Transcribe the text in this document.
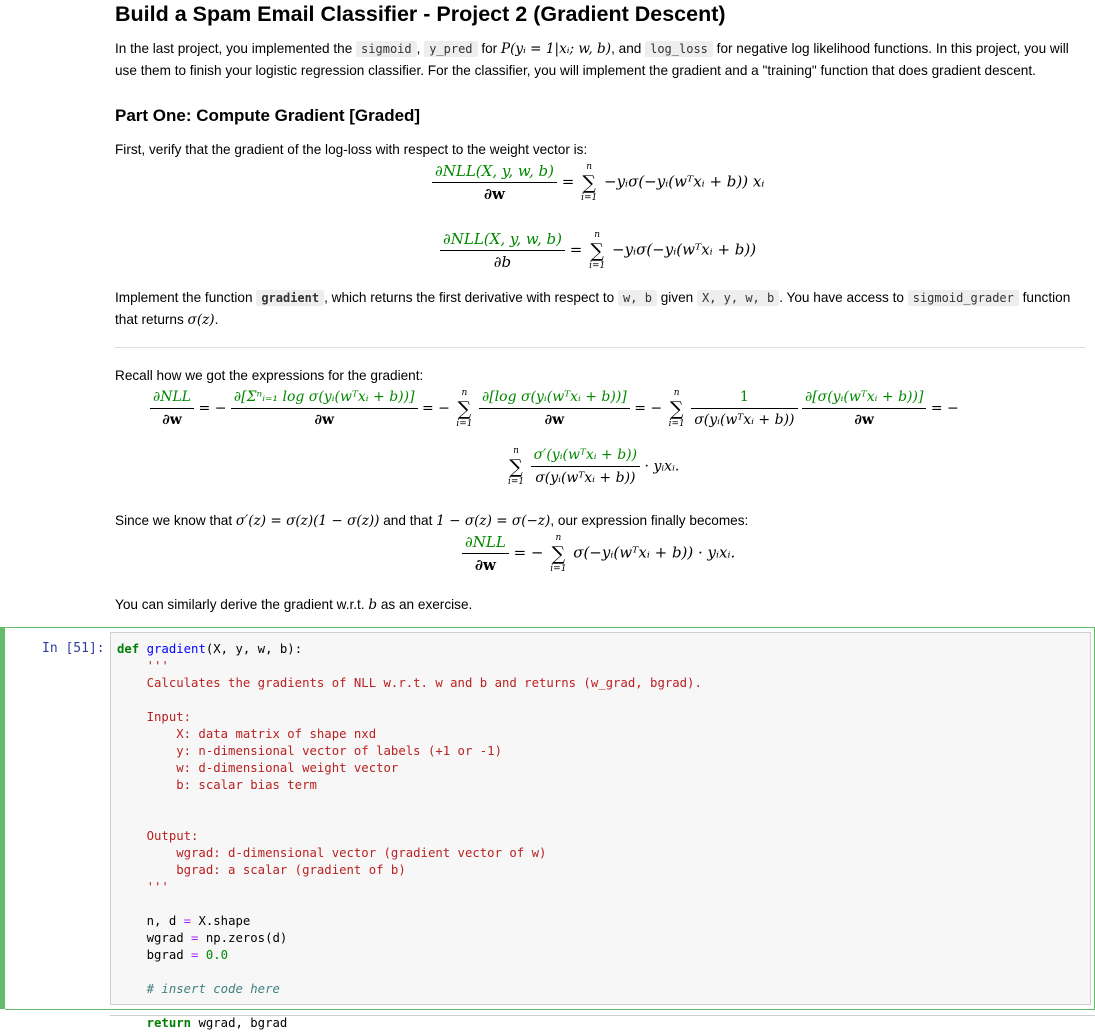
Build a Spam Email Classifier - Project 2 (Gradient Descent)
In the last project, you implemented the sigmoid , y_pred for P(yᵢ = 1|xᵢ; w, b), and log_loss for negative log likelihood functions. In this project, you will use them to finish your logistic regression classifier. For the classifier, you will implement the gradient and a "training" function that does gradient descent.
Part One: Compute Gradient [Graded]
First, verify that the gradient of the log-loss with respect to the weight vector is:
$\frac{\text{∂NLL(X, y, w, b)}}{\partial w}$ =
n
∑
i=1
−yᵢσ(−yᵢ(wᵀxᵢ + b)) xᵢ
$\frac{\text{∂NLL(X, y, w, b)}}{\partial b}$ =
n
∑
i=1
−yᵢσ(−yᵢ(wᵀxᵢ + b))
Implement the function gradient , which returns the first derivative with respect to w, b given X, y, w, b . You have access to sigmoid_grader function that returns σ(z).
Recall how we got the expressions for the gradient:
$\frac{\text{∂NLL}}{\partial w}$ = − $\frac{\text{∂[Σⁿᵢ₌₁ log σ(yᵢ(wᵀxᵢ + b))]}}{\partial w}$ = −
n
∑
i=1
$\frac{\text{∂[log σ(yᵢ(wᵀxᵢ + b))]}}{\partial w}$ = −
n
∑
i=1
$\frac{1}{\text{σ(yᵢ(wᵀxᵢ + b))}}$
$\frac{\text{∂[σ(yᵢ(wᵀxᵢ + b))]}}{\partial w}$ = −
n
∑
i=1
$\frac{\text{σ′(yᵢ(wᵀxᵢ + b))}}{\text{σ(yᵢ(wᵀxᵢ + b))}}$ · yᵢxᵢ.
Since we know that σ′(z) = σ(z)(1 − σ(z)) and that 1 − σ(z) = σ(−z), our expression finally becomes:
$\frac{\text{∂NLL}}{\partial w}$ = −
n
∑
i=1
σ(−yᵢ(wᵀxᵢ + b)) · yᵢxᵢ.
You can similarly derive the gradient w.r.t. b as an exercise.
In [51]: def gradient(X, y, w, b):
'''
Calculates the gradients of NLL w.r.t. w and b and returns (w_grad, bgrad).

Input:
X: data matrix of shape nxd
y: n-dimensional vector of labels (+1 or -1)
w: d-dimensional weight vector
b: scalar bias term

Output:
wgrad: d-dimensional vector (gradient vector of w)
bgrad: a scalar (gradient of b)
'''

n, d = X.shape
wgrad = np.zeros(d)
bgrad = 0.0

# insert code here

return wgrad, bgrad
